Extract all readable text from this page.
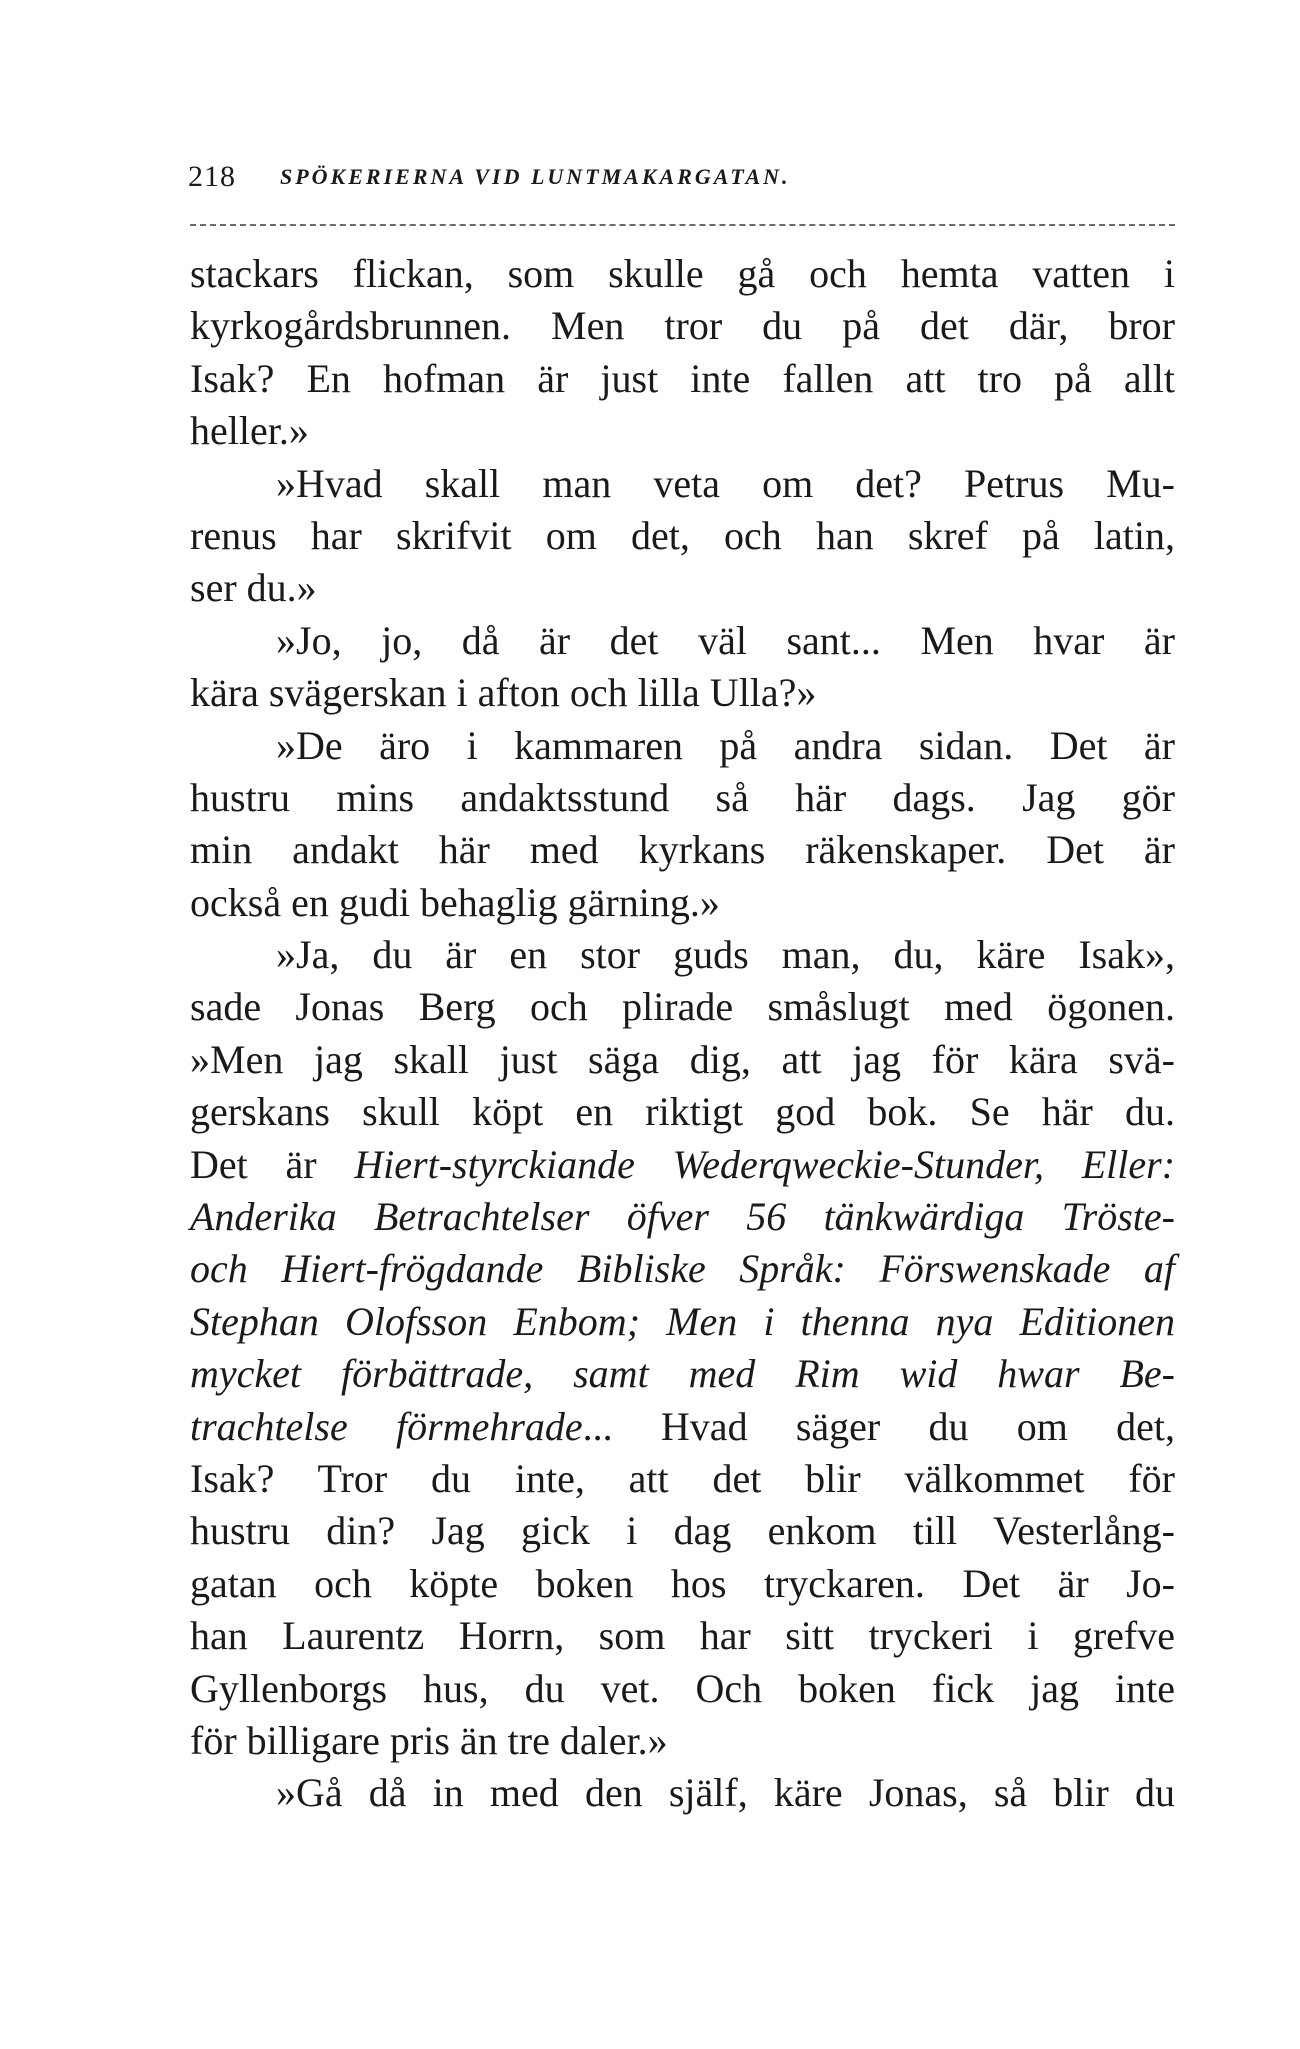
218 SPÖKERIERNA VID LUNTMAKARGATAN.
stackars flickan, som skulle gå och hemta vatten i
kyrkogårdsbrunnen. Men tror du på det där, bror
Isak? En hofman är just inte fallen att tro på allt
heller.»
»Hvad skall man veta om det? Petrus Mu-
renus har skrifvit om det, och han skref på latin,
ser du.»
»Jo, jo, då är det väl sant... Men hvar är
kära svägerskan i afton och lilla Ulla?»
»De äro i kammaren på andra sidan. Det är
hustru mins andaktsstund så här dags. Jag gör
min andakt här med kyrkans räkenskaper. Det är
också en gudi behaglig gärning.»
»Ja, du är en stor guds man, du, käre Isak»,
sade Jonas Berg och plirade småslugt med ögonen.
»Men jag skall just säga dig, att jag för kära svä-
gerskans skull köpt en riktigt god bok. Se här du.
Det är Hiert-styrckiande Wederqweckie-Stunder, Eller:
Anderika Betrachtelser öfver 56 tänkwärdiga Tröste-
och Hiert-frögdande Bibliske Språk: Förswenskade af
Stephan Olofsson Enbom; Men i thenna nya Editionen
mycket förbättrade, samt med Rim wid hwar Be-
trachtelse förmehrade... Hvad säger du om det,
Isak? Tror du inte, att det blir välkommet för
hustru din? Jag gick i dag enkom till Vesterlång-
gatan och köpte boken hos tryckaren. Det är Jo-
han Laurentz Horrn, som har sitt tryckeri i grefve
Gyllenborgs hus, du vet. Och boken fick jag inte
för billigare pris än tre daler.»
»Gå då in med den själf, käre Jonas, så blir du
